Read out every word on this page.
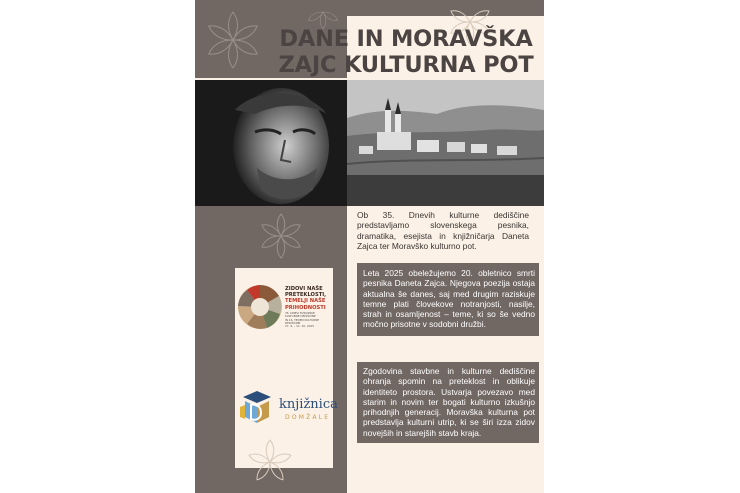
DANE IN MORAVŠKA
ZAJC KULTURNA POT

Ob 35. Dnevih kulturne dediščine predstavljamo slovenskega pesnika, dramatika, esejista in knjižničarja Daneta Zajca ter Moravško kulturno pot.

Leta 2025 obeležujemo 20. obletnico smrti pesnika Daneta Zajca. Njegova poezija ostaja aktualna še danes, saj med drugim raziskuje temne plati človekove notranjosti, nasilje, strah in osamljenost – teme, ki so še vedno močno prisotne v sodobni družbi.

Zgodovina stavbne in kulturne dediščine ohranja spomin na preteklost in oblikuje identiteto prostora. Ustvarja povezavo med starim in novim ter bogati kulturno izkušnjo prihodnjih generacij. Moravška kulturna pot predstavlja kulturni utrip, ki se širi izza zidov novejših in starejših stavb kraja.

ZIDOVI NAŠE
PRETEKLOSTI,
TEMELJI NAŠE
PRIHODNOSTI
35. DNEVI EVROPSKE
KULTURNE DEDIŠČINE
IN 16. TEDEN KULTURNE
DEDIŠČINE
27. 9. – 11. 10. 2025
knjižnica
DOMŽALE
